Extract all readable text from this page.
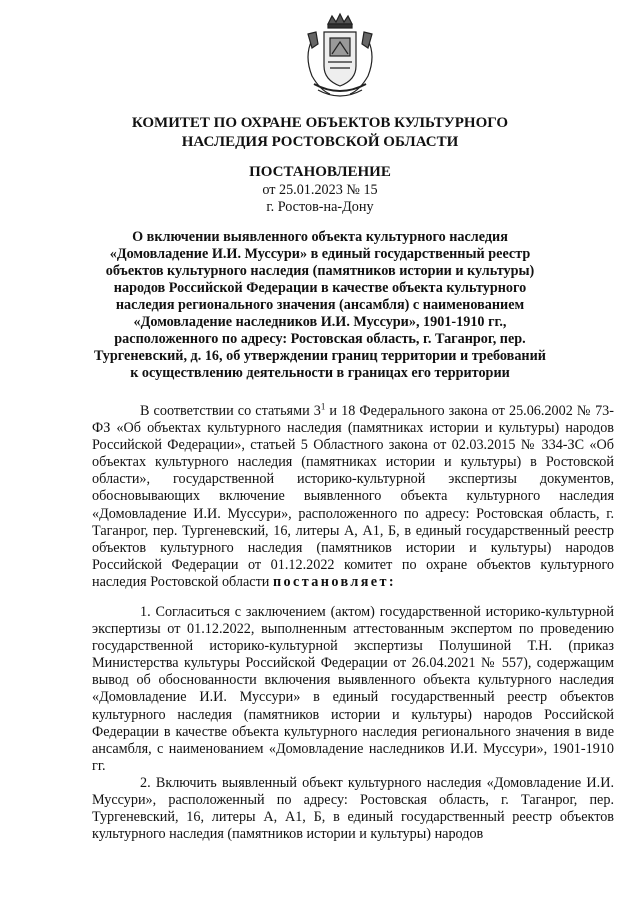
КОМИТЕТ ПО ОХРАНЕ ОБЪЕКТОВ КУЛЬТУРНОГО
НАСЛЕДИЯ РОСТОВСКОЙ ОБЛАСТИ
ПОСТАНОВЛЕНИЕ
от 25.01.2023 № 15
г. Ростов-на-Дону
О включении выявленного объекта культурного наследия «Домовладение И.И. Муссури» в единый государственный реестр объектов культурного наследия (памятников истории и культуры) народов Российской Федерации в качестве объекта культурного наследия регионального значения (ансамбля) с наименованием «Домовладение наследников И.И. Муссури», 1901-1910 гг., расположенного по адресу: Ростовская область, г. Таганрог, пер. Тургеневский, д. 16, об утверждении границ территории и требований к осуществлению деятельности в границах его территории

В соответствии со статьями $3^1$ и 18 Федерального закона от 25.06.2002 № 73-ФЗ «Об объектах культурного наследия (памятниках истории и культуры) народов Российской Федерации», статьей 5 Областного закона от 02.03.2015 № 334-ЗС «Об объектах культурного наследия (памятниках истории и культуры) в Ростовской области», государственной историко-культурной экспертизы документов, обосновывающих включение выявленного объекта культурного наследия «Домовладение И.И. Муссури», расположенного по адресу: Ростовская область, г. Таганрог, пер. Тургеневский, 16, литеры А, А1, Б, в единый государственный реестр объектов культурного наследия (памятников истории и культуры) народов Российской Федерации от 01.12.2022 комитет по охране объектов культурного наследия Ростовской области постановляет:

1. Согласиться с заключением (актом) государственной историко-культурной экспертизы от 01.12.2022, выполненным аттестованным экспертом по проведению государственной историко-культурной экспертизы Полушиной Т.Н. (приказ Министерства культуры Российской Федерации от 26.04.2021 № 557), содержащим вывод об обоснованности включения выявленного объекта культурного наследия «Домовладение И.И. Муссури» в единый государственный реестр объектов культурного наследия (памятников истории и культуры) народов Российской Федерации в качестве объекта культурного наследия регионального значения в виде ансамбля, с наименованием «Домовладение наследников И.И. Муссури», 1901-1910 гг.

2. Включить выявленный объект культурного наследия «Домовладение И.И. Муссури», расположенный по адресу: Ростовская область, г. Таганрог, пер. Тургеневский, 16, литеры А, А1, Б, в единый государственный реестр объектов культурного наследия (памятников истории и культуры) народов
